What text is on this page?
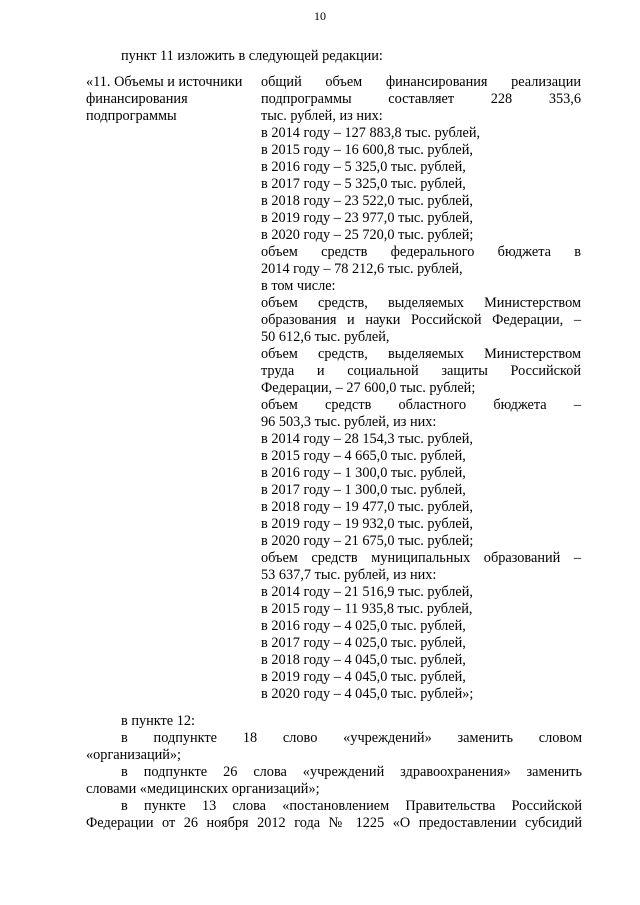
10
пункт 11 изложить в следующей редакции:
«11. Объемы и источники
финансирования
подпрограммы
общий объем финансирования реализации
подпрограммы составляет 228 353,6
тыс. рублей, из них:
в 2014 году – 127 883,8 тыс. рублей,
в 2015 году – 16 600,8 тыс. рублей,
в 2016 году – 5 325,0 тыс. рублей,
в 2017 году – 5 325,0 тыс. рублей,
в 2018 году – 23 522,0 тыс. рублей,
в 2019 году – 23 977,0 тыс. рублей,
в 2020 году – 25 720,0 тыс. рублей;
объем средств федерального бюджета в
2014 году – 78 212,6 тыс. рублей,
в том числе:
объем средств, выделяемых Министерством
образования и науки Российской Федерации, –
50 612,6 тыс. рублей,
объем средств, выделяемых Министерством
труда и социальной защиты Российской
Федерации, – 27 600,0 тыс. рублей;
объем средств областного бюджета –
96 503,3 тыс. рублей, из них:
в 2014 году – 28 154,3 тыс. рублей,
в 2015 году – 4 665,0 тыс. рублей,
в 2016 году – 1 300,0 тыс. рублей,
в 2017 году – 1 300,0 тыс. рублей,
в 2018 году – 19 477,0 тыс. рублей,
в 2019 году – 19 932,0 тыс. рублей,
в 2020 году – 21 675,0 тыс. рублей;
объем средств муниципальных образований –
53 637,7 тыс. рублей, из них:
в 2014 году – 21 516,9 тыс. рублей,
в 2015 году – 11 935,8 тыс. рублей,
в 2016 году – 4 025,0 тыс. рублей,
в 2017 году – 4 025,0 тыс. рублей,
в 2018 году – 4 045,0 тыс. рублей,
в 2019 году – 4 045,0 тыс. рублей,
в 2020 году – 4 045,0 тыс. рублей»;
в пункте 12:
в подпункте 18 слово «учреждений» заменить словом
«организаций»;
в подпункте 26 слова «учреждений здравоохранения» заменить
словами «медицинских организаций»;
в пункте 13 слова «постановлением Правительства Российской
Федерации от 26 ноября 2012 года № 1225 «О предоставлении субсидий
